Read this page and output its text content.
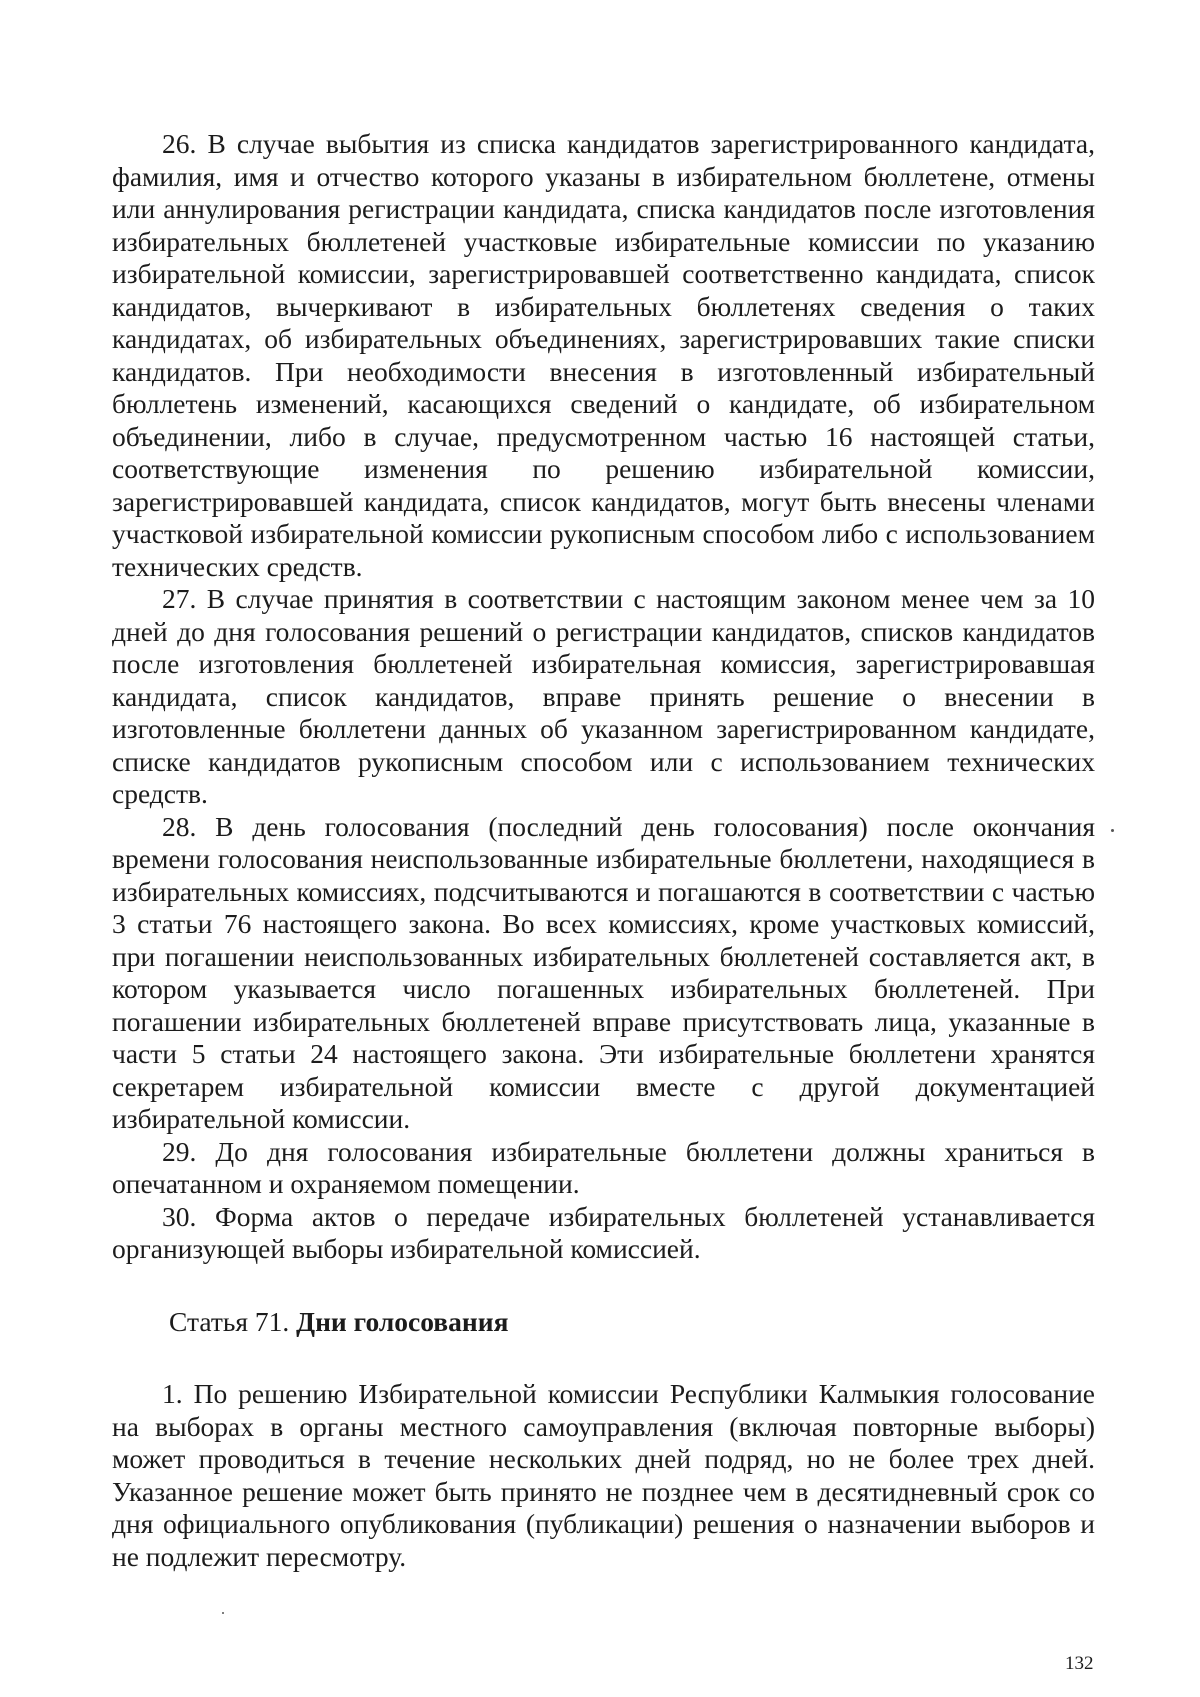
26. В случае выбытия из списка кандидатов зарегистрированного кандидата, фамилия, имя и отчество которого указаны в избирательном бюллетене, отмены или аннулирования регистрации кандидата, списка кандидатов после изготовления избирательных бюллетеней участковые избирательные комиссии по указанию избирательной комиссии, зарегистрировавшей соответственно кандидата, список кандидатов, вычеркивают в избирательных бюллетенях сведения о таких кандидатах, об избирательных объединениях, зарегистрировавших такие списки кандидатов. При необходимости внесения в изготовленный избирательный бюллетень изменений, касающихся сведений о кандидате, об избирательном объединении, либо в случае, предусмотренном частью 16 настоящей статьи, соответствующие изменения по решению избирательной комиссии, зарегистрировавшей кандидата, список кандидатов, могут быть внесены членами участковой избирательной комиссии рукописным способом либо с использованием технических средств.

27. В случае принятия в соответствии с настоящим законом менее чем за 10 дней до дня голосования решений о регистрации кандидатов, списков кандидатов после изготовления бюллетеней избирательная комиссия, зарегистрировавшая кандидата, список кандидатов, вправе принять решение о внесении в изготовленные бюллетени данных об указанном зарегистрированном кандидате, списке кандидатов рукописным способом или с использованием технических средств.

28. В день голосования (последний день голосования) после окончания времени голосования неиспользованные избирательные бюллетени, находящиеся в избирательных комиссиях, подсчитываются и погашаются в соответствии с частью 3 статьи 76 настоящего закона. Во всех комиссиях, кроме участковых комиссий, при погашении неиспользованных избирательных бюллетеней составляется акт, в котором указывается число погашенных избирательных бюллетеней. При погашении избирательных бюллетеней вправе присутствовать лица, указанные в части 5 статьи 24 настоящего закона. Эти избирательные бюллетени хранятся секретарем избирательной комиссии вместе с другой документацией избирательной комиссии.

29. До дня голосования избирательные бюллетени должны храниться в опечатанном и охраняемом помещении.

30. Форма актов о передаче избирательных бюллетеней устанавливается организующей выборы избирательной комиссией.

Статья 71. Дни голосования

1. По решению Избирательной комиссии Республики Калмыкия голосование на выборах в органы местного самоуправления (включая повторные выборы) может проводиться в течение нескольких дней подряд, но не более трех дней. Указанное решение может быть принято не позднее чем в десятидневный срок со дня официального опубликования (публикации) решения о назначении выборов и не подлежит пересмотру.

132
